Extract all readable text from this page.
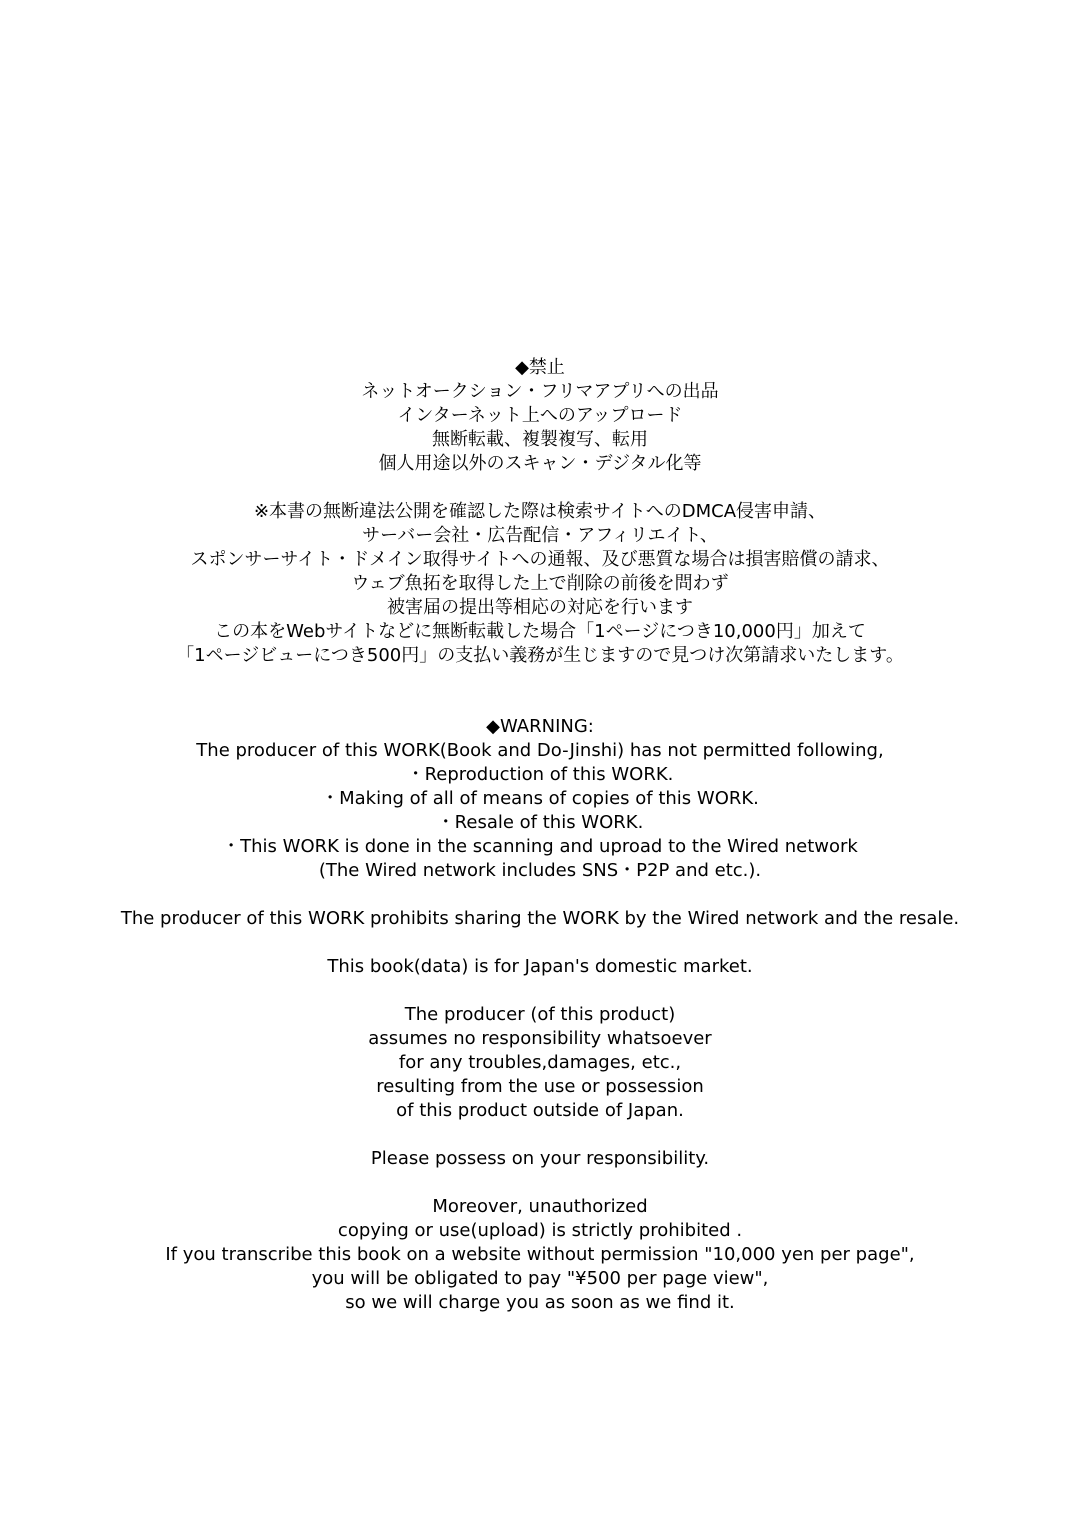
◆禁止
ネットオークション・フリマアプリへの出品
インターネット上へのアップロード
無断転載、複製複写、転用
個人用途以外のスキャン・デジタル化等
※本書の無断違法公開を確認した際は検索サイトへのDMCA侵害申請、
サーバー会社・広告配信・アフィリエイト、
スポンサーサイト・ドメイン取得サイトへの通報、及び悪質な場合は損害賠償の請求、
ウェブ魚拓を取得した上で削除の前後を問わず
被害届の提出等相応の対応を行います
この本をWebサイトなどに無断転載した場合「1ページにつき10,000円」加えて
「1ページビューにつき500円」の支払い義務が生じますので見つけ次第請求いたします。
◆WARNING:
The producer of this WORK(Book and Do-Jinshi) has not permitted following,
・Reproduction of this WORK.
・Making of all of means of copies of this WORK.
・Resale of this WORK.
・This WORK is done in the scanning and uproad to the Wired network
(The Wired network includes SNS・P2P and etc.).
The producer of this WORK prohibits sharing the WORK by the Wired network and the resale.
This book(data) is for Japan's domestic market.
The producer (of this product)
assumes no responsibility whatsoever
for any troubles,damages, etc.,
resulting from the use or possession
of this product outside of Japan.
Please possess on your responsibility.
Moreover, unauthorized
copying or use(upload) is strictly prohibited .
If you transcribe this book on a website without permission "10,000 yen per page",
you will be obligated to pay "¥500 per page view",
so we will charge you as soon as we find it.
